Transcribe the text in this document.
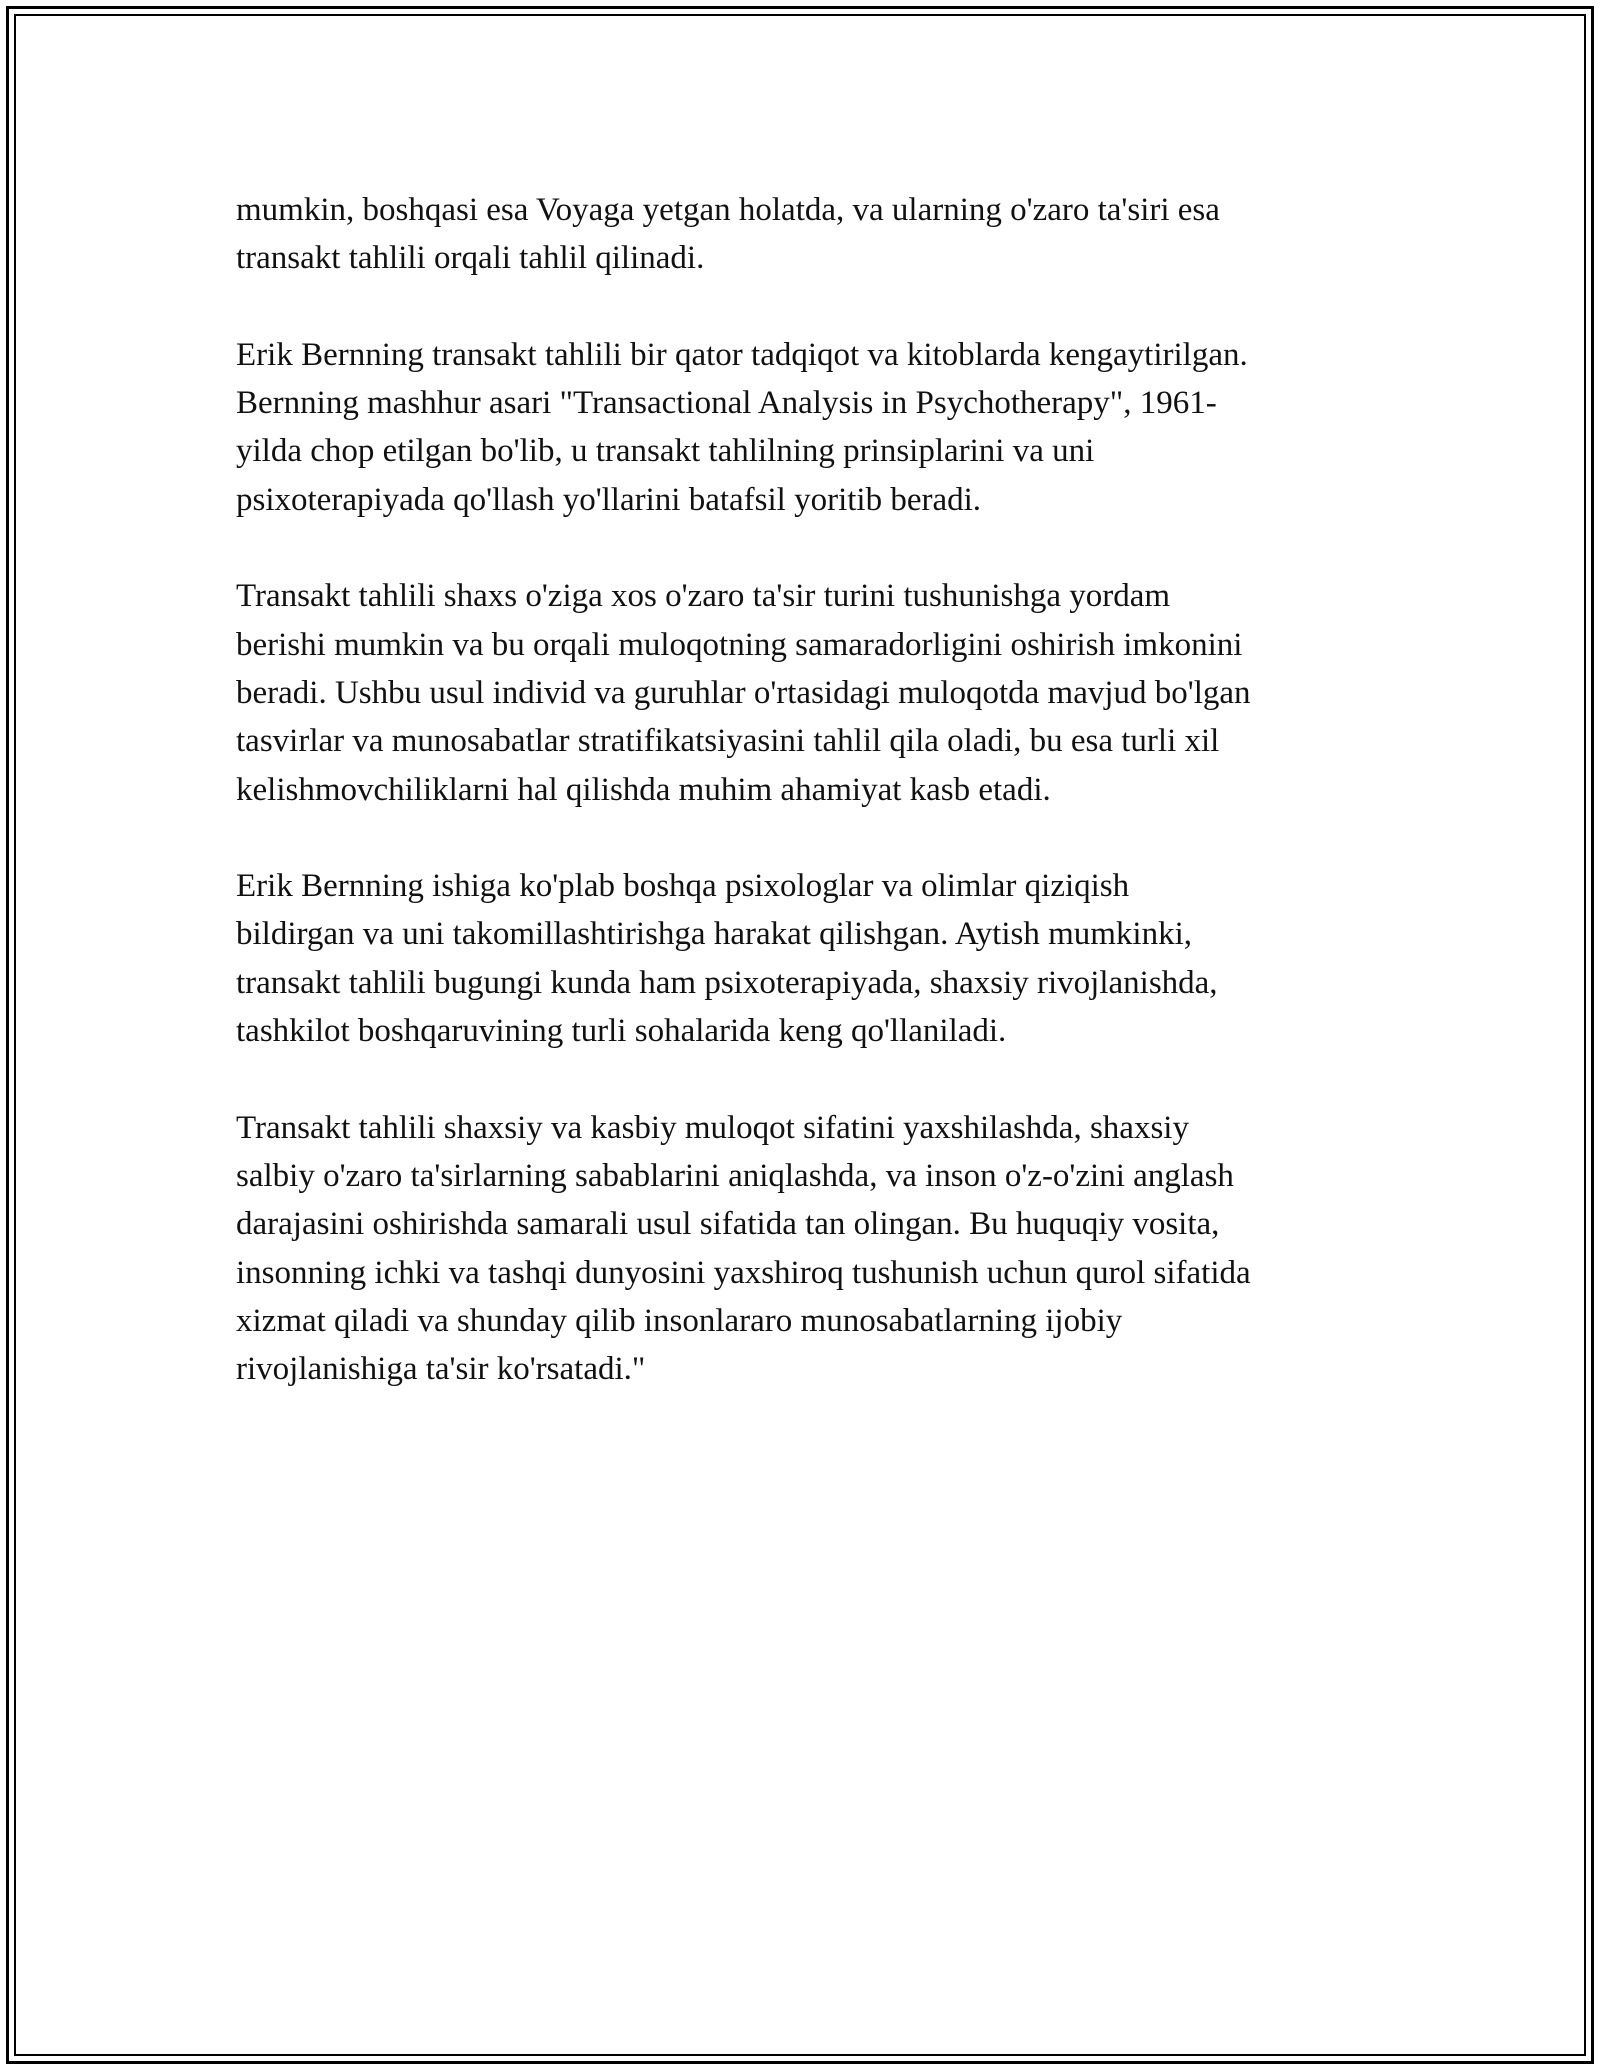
mumkin, boshqasi esa Voyaga yetgan holatda, va ularning o'zaro ta'siri esa
transakt tahlili orqali tahlil qilinadi.
Erik Bernning transakt tahlili bir qator tadqiqot va kitoblarda kengaytirilgan.
Bernning mashhur asari "Transactional Analysis in Psychotherapy", 1961-
yilda chop etilgan bo'lib, u transakt tahlilning prinsiplarini va uni
psixoterapiyada qo'llash yo'llarini batafsil yoritib beradi.
Transakt tahlili shaxs o'ziga xos o'zaro ta'sir turini tushunishga yordam
berishi mumkin va bu orqali muloqotning samaradorligini oshirish imkonini
beradi. Ushbu usul individ va guruhlar o'rtasidagi muloqotda mavjud bo'lgan
tasvirlar va munosabatlar stratifikatsiyasini tahlil qila oladi, bu esa turli xil
kelishmovchiliklarni hal qilishda muhim ahamiyat kasb etadi.
Erik Bernning ishiga ko'plab boshqa psixologlar va olimlar qiziqish
bildirgan va uni takomillashtirishga harakat qilishgan. Aytish mumkinki,
transakt tahlili bugungi kunda ham psixoterapiyada, shaxsiy rivojlanishda,
tashkilot boshqaruvining turli sohalarida keng qo'llaniladi.
Transakt tahlili shaxsiy va kasbiy muloqot sifatini yaxshilashda, shaxsiy
salbiy o'zaro ta'sirlarning sabablarini aniqlashda, va inson o'z-o'zini anglash
darajasini oshirishda samarali usul sifatida tan olingan. Bu huquqiy vosita,
insonning ichki va tashqi dunyosini yaxshiroq tushunish uchun qurol sifatida
xizmat qiladi va shunday qilib insonlararo munosabatlarning ijobiy
rivojlanishiga ta'sir ko'rsatadi."
